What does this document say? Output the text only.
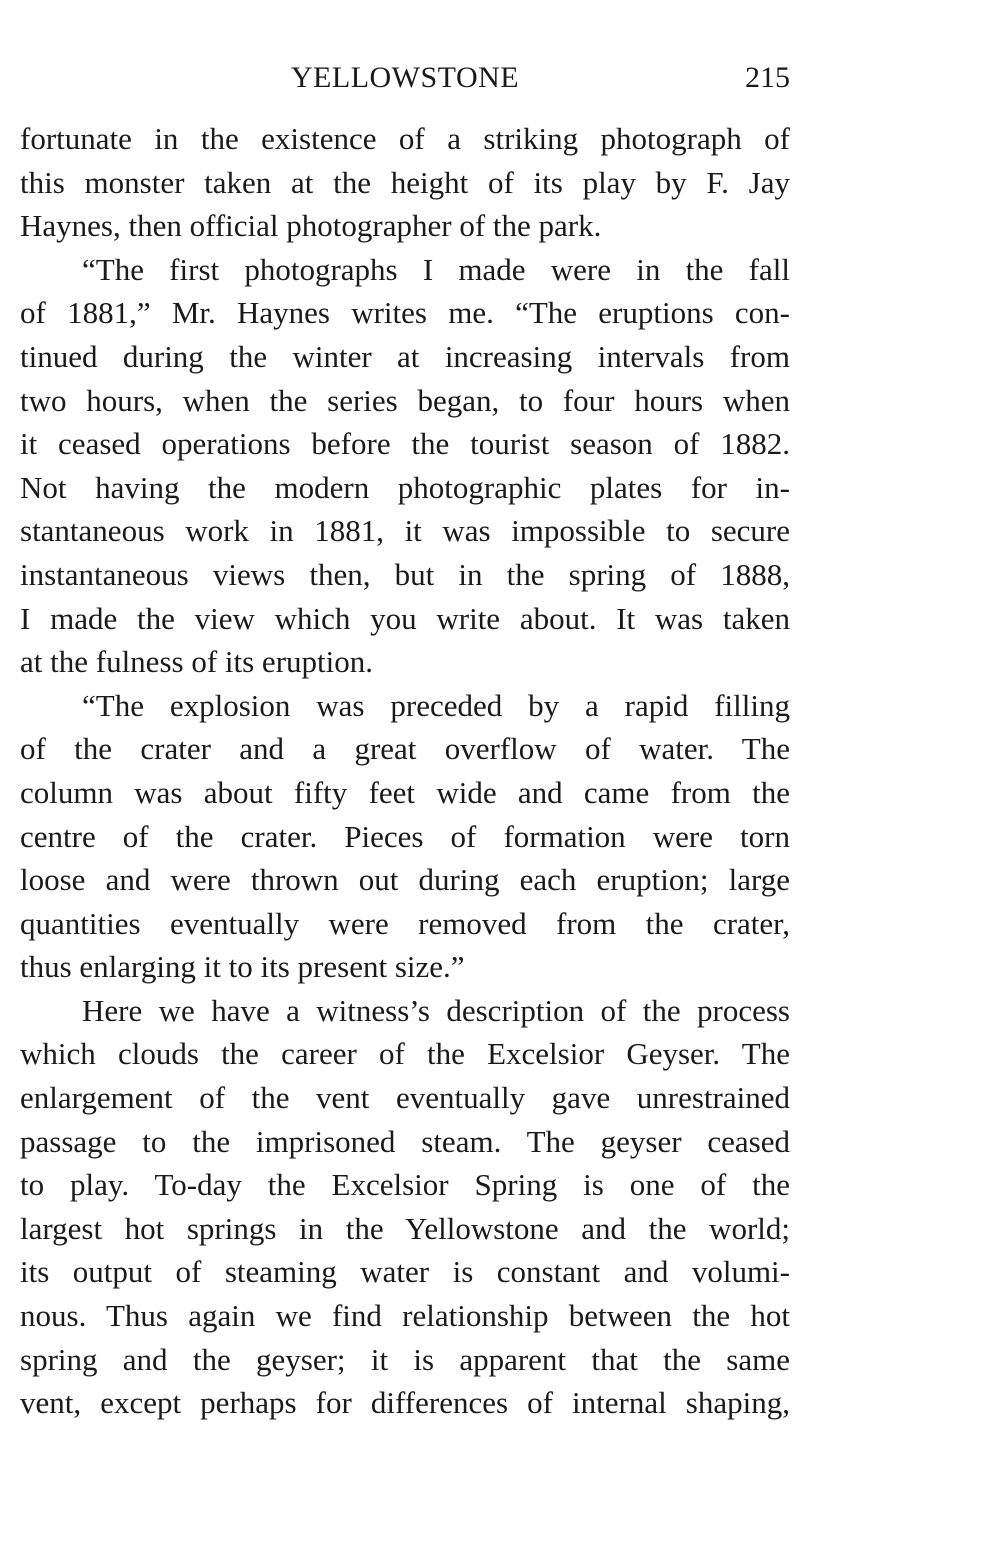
YELLOWSTONE	215
fortunate in the existence of a striking photograph of
this monster taken at the height of its play by F. Jay
Haynes, then official photographer of the park.
“The first photographs I made were in the fall
of 1881,” Mr. Haynes writes me. “The eruptions con-
tinued during the winter at increasing intervals from
two hours, when the series began, to four hours when
it ceased operations before the tourist season of 1882.
Not having the modern photographic plates for in-
stantaneous work in 1881, it was impossible to secure
instantaneous views then, but in the spring of 1888,
I made the view which you write about. It was taken
at the fulness of its eruption.
“The explosion was preceded by a rapid filling
of the crater and a great overflow of water. The
column was about fifty feet wide and came from the
centre of the crater. Pieces of formation were torn
loose and were thrown out during each eruption; large
quantities eventually were removed from the crater,
thus enlarging it to its present size.”
Here we have a witness’s description of the process
which clouds the career of the Excelsior Geyser. The
enlargement of the vent eventually gave unrestrained
passage to the imprisoned steam. The geyser ceased
to play. To-day the Excelsior Spring is one of the
largest hot springs in the Yellowstone and the world;
its output of steaming water is constant and volumi-
nous. Thus again we find relationship between the hot
spring and the geyser; it is apparent that the same
vent, except perhaps for differences of internal shaping,
